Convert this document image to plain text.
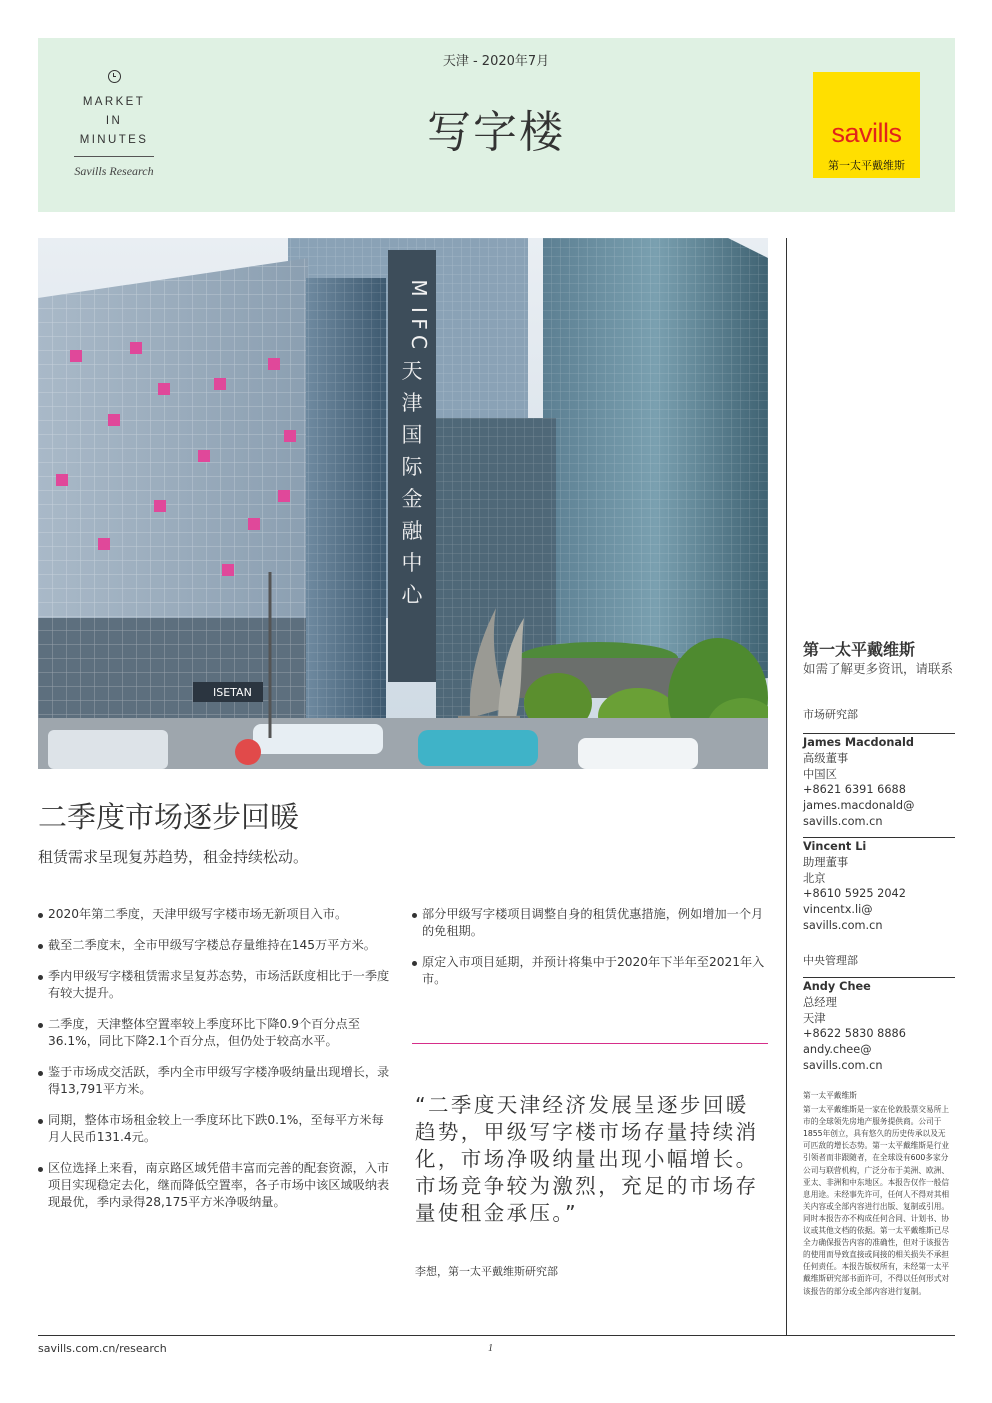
MARKET
IN
MINUTES
Savills Research
天津 - 2020年7月
写字楼	savills
第一太平戴维斯
M
I
F
C
天
津
国
际
金
融
中
心
ISETAN
二季度市场逐步回暖
租赁需求呈现复苏趋势，租金持续松动。
2020年第二季度，天津甲级写字楼市场无新项目入市。
截至二季度末，全市甲级写字楼总存量维持在145万平方米。
季内甲级写字楼租赁需求呈复苏态势，市场活跃度相比于一季度有较大提升。
二季度，天津整体空置率较上季度环比下降0.9个百分点至36.1%，同比下降2.1个百分点，但仍处于较高水平。
鉴于市场成交活跃，季内全市甲级写字楼净吸纳量出现增长，录得13,791平方米。
同期，整体市场租金较上一季度环比下跌0.1%，至每平方米每月人民币131.4元。
区位选择上来看，南京路区域凭借丰富而完善的配套资源，入市项目实现稳定去化，继而降低空置率，各子市场中该区域吸纳表现最优，季内录得28,175平方米净吸纳量。
部分甲级写字楼项目调整自身的租赁优惠措施，例如增加一个月的免租期。
原定入市项目延期，并预计将集中于2020年下半年至2021年入市。
“二季度天津经济发展呈逐步回暖趋势，甲级写字楼市场存量持续消化，市场净吸纳量出现小幅增长。市场竞争较为激烈，充足的市场存量使租金承压。”
李想，第一太平戴维斯研究部
第一太平戴维斯
如需了解更多资讯，请联系
市场研究部
James Macdonald
高级董事
中国区
+8621 6391 6688
james.macdonald@
savills.com.cn
Vincent Li
助理董事
北京
+8610 5925 2042
vincentx.li@
savills.com.cn
中央管理部
Andy Chee
总经理
天津
+8622 5830 8886
andy.chee@
savills.com.cn
第一太平戴维斯
第一太平戴维斯是一家在伦敦股票交易所上市的全球领先房地产服务提供商。公司于1855年创立，具有悠久的历史传承以及无可匹敌的增长态势。第一太平戴维斯是行业引领者而非跟随者，在全球设有600多家分公司与联营机构，广泛分布于美洲、欧洲、亚太、非洲和中东地区。本报告仅作一般信息用途。未经事先许可，任何人不得对其相关内容或全部内容进行出版、复制或引用。同时本报告亦不构成任何合同、计划书、协议或其他文档的依据。第一太平戴维斯已尽全力确保报告内容的准确性，但对于该报告的使用而导致直接或间接的相关损失不承担任何责任。本报告版权所有，未经第一太平戴维斯研究部书面许可，不得以任何形式对该报告的部分或全部内容进行复制。
savills.com.cn/research	1
